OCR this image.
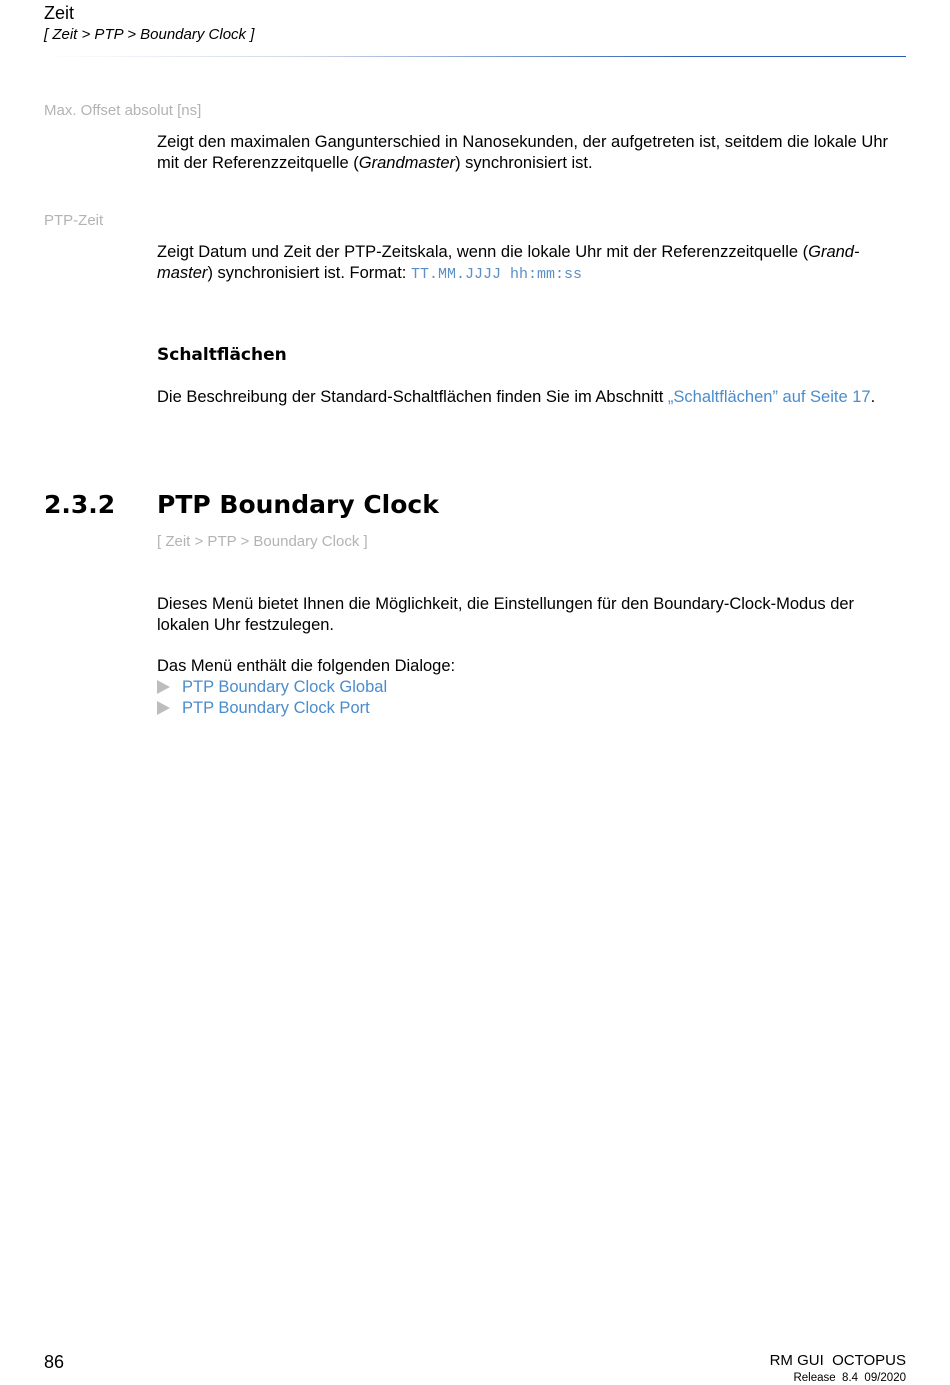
Zeit
[ Zeit > PTP > Boundary Clock ]
Max. Offset absolut [ns]
Zeigt den maximalen Gangunterschied in Nanosekunden, der aufgetreten ist, seitdem die lokale Uhr mit der Referenzzeitquelle (Grandmaster) synchronisiert ist.
PTP-Zeit
Zeigt Datum und Zeit der PTP-Zeitskala, wenn die lokale Uhr mit der Referenzzeitquelle (Grand-master) synchronisiert ist. Format: TT.MM.JJJJ hh:mm:ss
Schaltflächen
Die Beschreibung der Standard-Schaltflächen finden Sie im Abschnitt „Schaltflächen” auf Seite 17.
2.3.2 PTP Boundary Clock
[ Zeit > PTP > Boundary Clock ]
Dieses Menü bietet Ihnen die Möglichkeit, die Einstellungen für den Boundary-Clock-Modus der lokalen Uhr festzulegen.
Das Menü enthält die folgenden Dialoge:
PTP Boundary Clock Global
PTP Boundary Clock Port
86	RM GUI  OCTOPUS
Release  8.4  09/2020
